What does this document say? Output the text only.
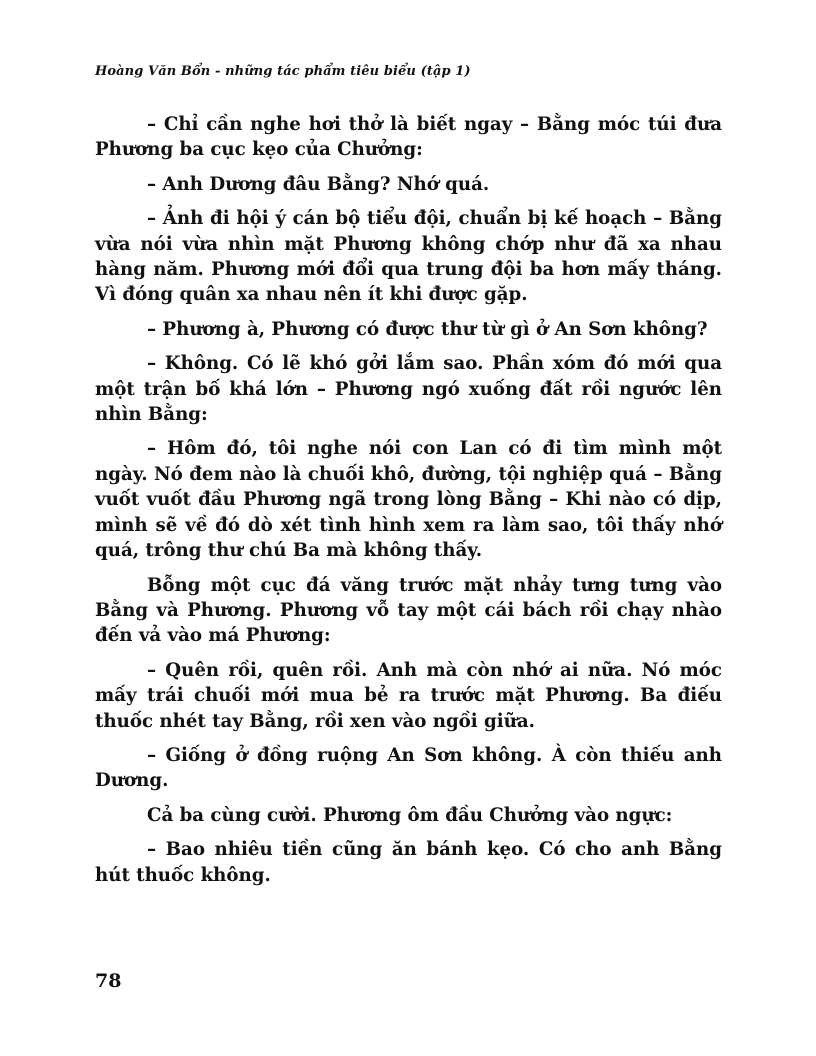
Hoàng Văn Bổn - những tác phẩm tiêu biểu (tập 1)

– Chỉ cần nghe hơi thở là biết ngay – Bằng móc túi đưa Phương ba cục kẹo của Chưởng:

– Anh Dương đâu Bằng? Nhớ quá.

– Ảnh đi hội ý cán bộ tiểu đội, chuẩn bị kế hoạch – Bằng vừa nói vừa nhìn mặt Phương không chớp như đã xa nhau hàng năm. Phương mới đổi qua trung đội ba hơn mấy tháng. Vì đóng quân xa nhau nên ít khi được gặp.

– Phương à, Phương có được thư từ gì ở An Sơn không?

– Không. Có lẽ khó gởi lắm sao. Phần xóm đó mới qua một trận bố khá lớn – Phương ngó xuống đất rồi ngước lên nhìn Bằng:

– Hôm đó, tôi nghe nói con Lan có đi tìm mình một ngày. Nó đem nào là chuối khô, đường, tội nghiệp quá – Bằng vuốt vuốt đầu Phương ngã trong lòng Bằng – Khi nào có dịp, mình sẽ về đó dò xét tình hình xem ra làm sao, tôi thấy nhớ quá, trông thư chú Ba mà không thấy.

Bỗng một cục đá văng trước mặt nhảy tưng tưng vào Bằng và Phương. Phương vỗ tay một cái bách rồi chạy nhào đến vả vào má Phương:

– Quên rồi, quên rồi. Anh mà còn nhớ ai nữa. Nó móc mấy trái chuối mới mua bẻ ra trước mặt Phương. Ba điếu thuốc nhét tay Bằng, rồi xen vào ngồi giữa.

– Giống ở đồng ruộng An Sơn không. À còn thiếu anh Dương.

Cả ba cùng cười. Phương ôm đầu Chưởng vào ngực:

– Bao nhiêu tiền cũng ăn bánh kẹo. Có cho anh Bằng hút thuốc không.

78
